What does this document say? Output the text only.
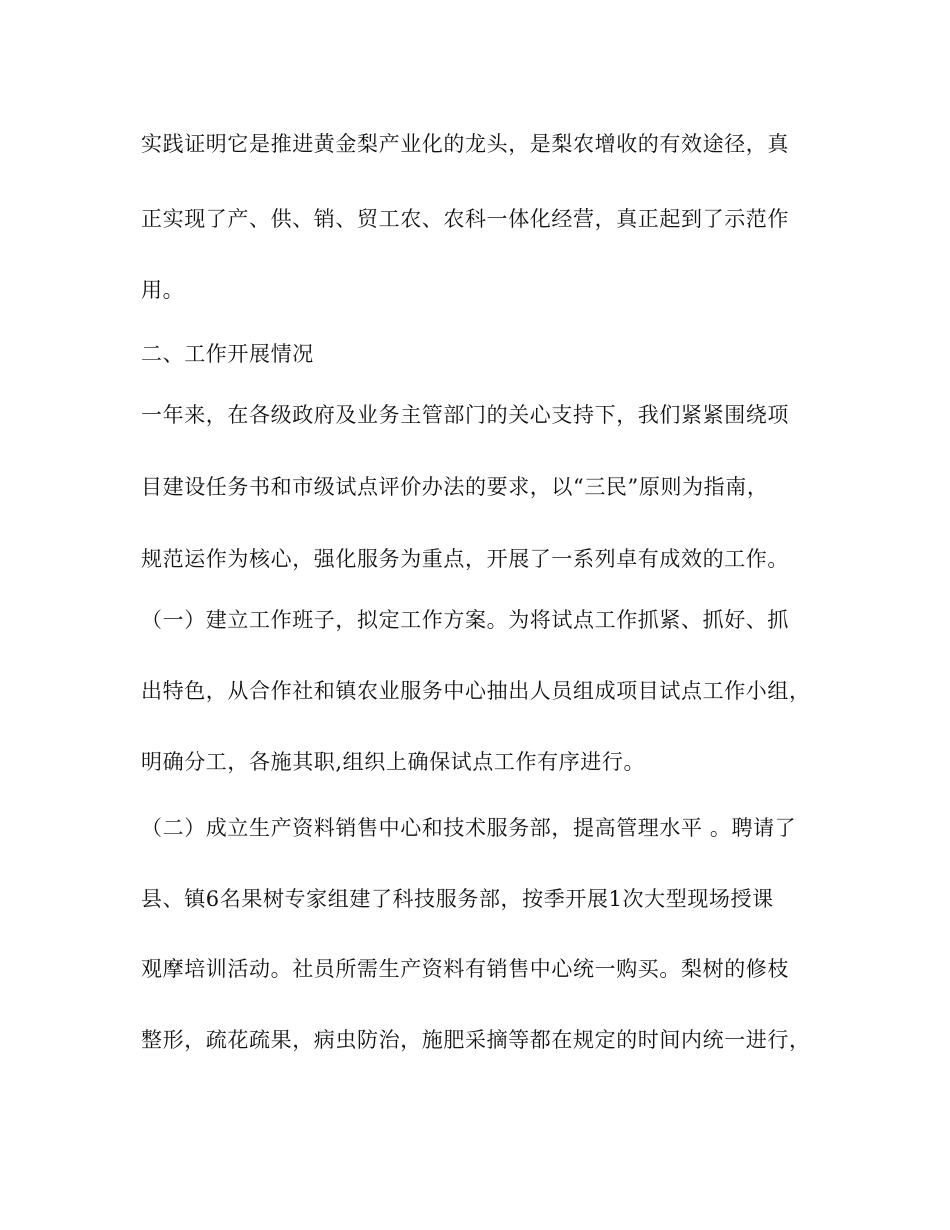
实践证明它是推进黄金梨产业化的龙头，是梨农增收的有效途径，真
正实现了产、供、销、贸工农、农科一体化经营，真正起到了示范作
用。
二、工作开展情况
一年来，在各级政府及业务主管部门的关心支持下，我们紧紧围绕项
目建设任务书和市级试点评价办法的要求，以“三民”原则为指南，
规范运作为核心，强化服务为重点，开展了一系列卓有成效的工作。
（一）建立工作班子，拟定工作方案。为将试点工作抓紧、抓好、抓
出特色，从合作社和镇农业服务中心抽出人员组成项目试点工作小组，
明确分工，各施其职,组织上确保试点工作有序进行。
（二）成立生产资料销售中心和技术服务部，提高管理水平 。聘请了
县、镇6名果树专家组建了科技服务部，按季开展1次大型现场授课
观摩培训活动。社员所需生产资料有销售中心统一购买。梨树的修枝
整形，疏花疏果，病虫防治，施肥采摘等都在规定的时间内统一进行，
